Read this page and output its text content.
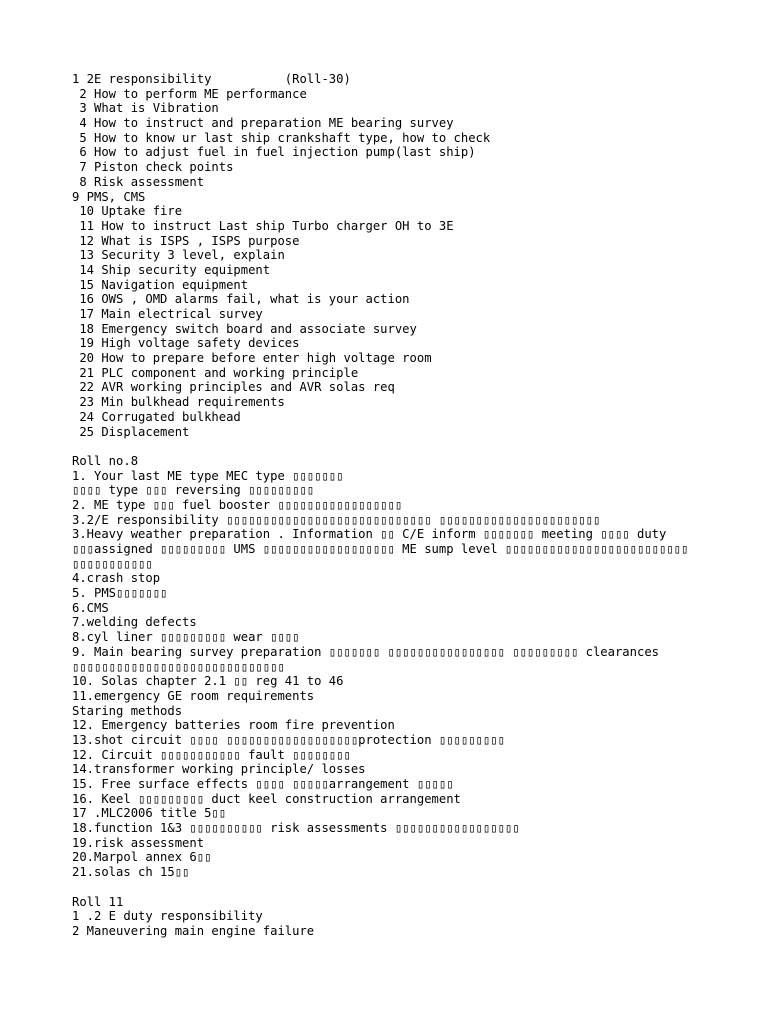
1 2E responsibility          (Roll-30)
2 How to perform ME performance
3 What is Vibration
4 How to instruct and preparation ME bearing survey
5 How to know ur last ship crankshaft type, how to check
6 How to adjust fuel in fuel injection pump(last ship)
7 Piston check points
8 Risk assessment
9 PMS, CMS
10 Uptake fire
11 How to instruct Last ship Turbo charger OH to 3E
12 What is ISPS , ISPS purpose
13 Security 3 level, explain
14 Ship security equipment
15 Navigation equipment
16 OWS , OMD alarms fail, what is your action
17 Main electrical survey
18 Emergency switch board and associate survey
19 High voltage safety devices
20 How to prepare before enter high voltage room
21 PLC component and working principle
22 AVR working principles and AVR solas req
23 Min bulkhead requirements
24 Corrugated bulkhead
25 Displacement
Roll no.8
1. Your last ME type MEC type ▯▯▯▯▯▯▯
▯▯▯▯ type ▯▯▯ reversing ▯▯▯▯▯▯▯▯▯
2. ME type ▯▯▯ fuel booster ▯▯▯▯▯▯▯▯▯▯▯▯▯▯▯▯▯
3.2/E responsibility ▯▯▯▯▯▯▯▯▯▯▯▯▯▯▯▯▯▯▯▯▯▯▯▯▯▯▯▯ ▯▯▯▯▯▯▯▯▯▯▯▯▯▯▯▯▯▯▯▯▯▯
3.Heavy weather preparation . Information ▯▯ C/E inform ▯▯▯▯▯▯▯ meeting ▯▯▯▯ duty
▯▯▯assigned ▯▯▯▯▯▯▯▯▯ UMS ▯▯▯▯▯▯▯▯▯▯▯▯▯▯▯▯▯▯ ME sump level ▯▯▯▯▯▯▯▯▯▯▯▯▯▯▯▯▯▯▯▯▯▯▯▯▯
▯▯▯▯▯▯▯▯▯▯▯
4.crash stop
5. PMS▯▯▯▯▯▯▯
6.CMS
7.welding defects
8.cyl liner ▯▯▯▯▯▯▯▯▯ wear ▯▯▯▯
9. Main bearing survey preparation ▯▯▯▯▯▯▯ ▯▯▯▯▯▯▯▯▯▯▯▯▯▯▯▯ ▯▯▯▯▯▯▯▯▯ clearances
▯▯▯▯▯▯▯▯▯▯▯▯▯▯▯▯▯▯▯▯▯▯▯▯▯▯▯▯▯
10. Solas chapter 2.1 ▯▯ reg 41 to 46
11.emergency GE room requirements
Staring methods
12. Emergency batteries room fire prevention
13.shot circuit ▯▯▯▯ ▯▯▯▯▯▯▯▯▯▯▯▯▯▯▯▯▯▯protection ▯▯▯▯▯▯▯▯▯
12. Circuit ▯▯▯▯▯▯▯▯▯▯▯ fault ▯▯▯▯▯▯▯▯
14.transformer working principle/ losses
15. Free surface effects ▯▯▯▯ ▯▯▯▯▯arrangement ▯▯▯▯▯
16. Keel ▯▯▯▯▯▯▯▯▯ duct keel construction arrangement
17 .MLC2006 title 5▯▯
18.function 1&3 ▯▯▯▯▯▯▯▯▯▯ risk assessments ▯▯▯▯▯▯▯▯▯▯▯▯▯▯▯▯▯
19.risk assessment
20.Marpol annex 6▯▯
21.solas ch 15▯▯
Roll 11
1 .2 E duty responsibility
2 Maneuvering main engine failure
